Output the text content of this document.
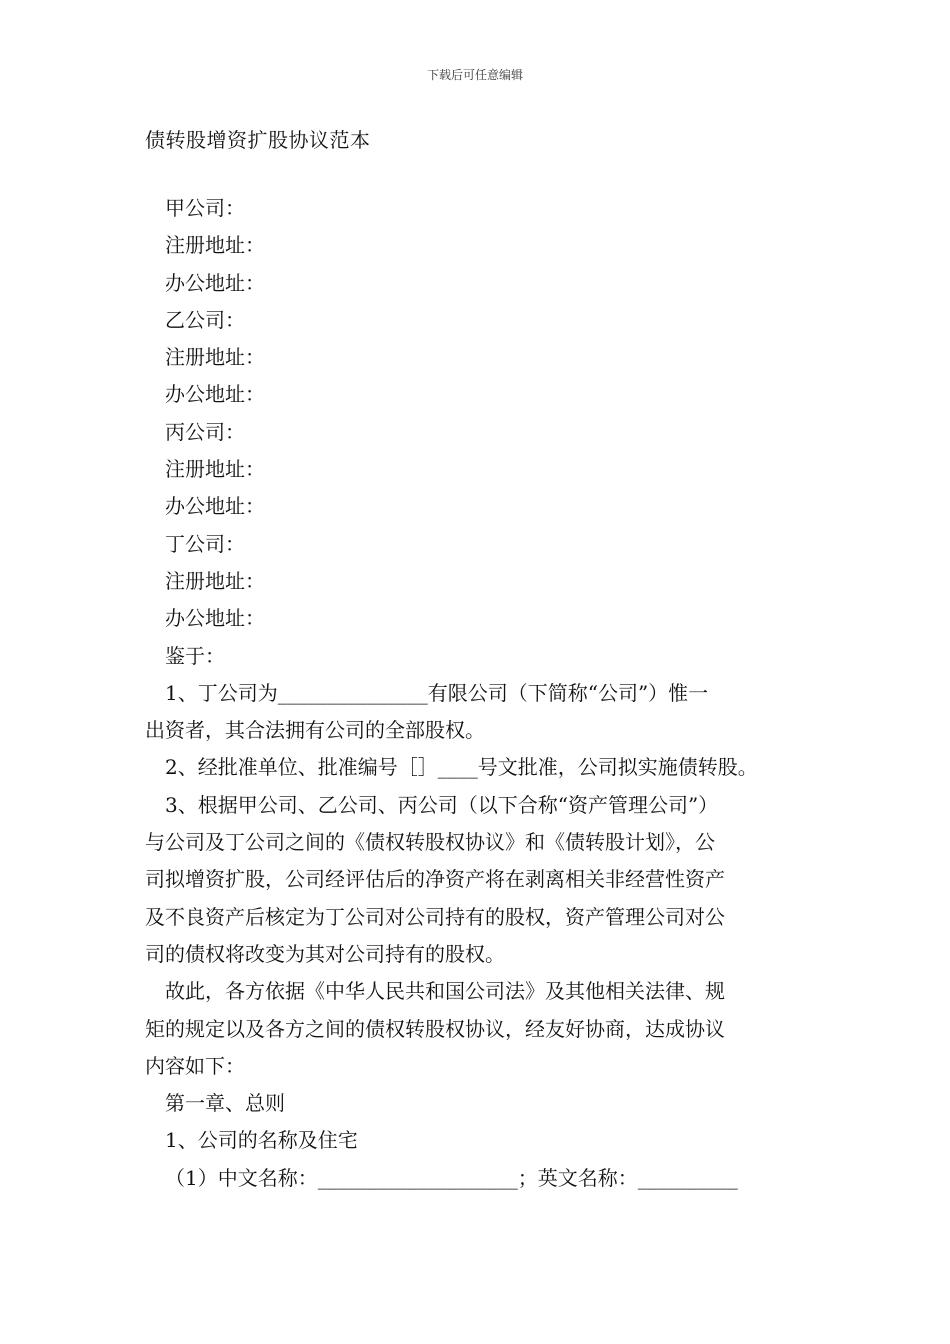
下载后可任意编辑
债转股增资扩股协议范本
甲公司：
注册地址：
办公地址：
乙公司：
注册地址：
办公地址：
丙公司：
注册地址：
办公地址：
丁公司：
注册地址：
办公地址：
鉴于：
1、丁公司为_______________有限公司（下简称“公司”）惟一
出资者，其合法拥有公司的全部股权。
2、经批准单位、批准编号［］____号文批准，公司拟实施债转股。
3、根据甲公司、乙公司、丙公司（以下合称“资产管理公司”）
与公司及丁公司之间的《债权转股权协议》和《债转股计划》，公
司拟增资扩股，公司经评估后的净资产将在剥离相关非经营性资产
及不良资产后核定为丁公司对公司持有的股权，资产管理公司对公
司的债权将改变为其对公司持有的股权。
故此，各方依据《中华人民共和国公司法》及其他相关法律、规
矩的规定以及各方之间的债权转股权协议，经友好协商，达成协议
内容如下：
第一章、总则
1、公司的名称及住宅
（1）中文名称：____________________；英文名称：__________
